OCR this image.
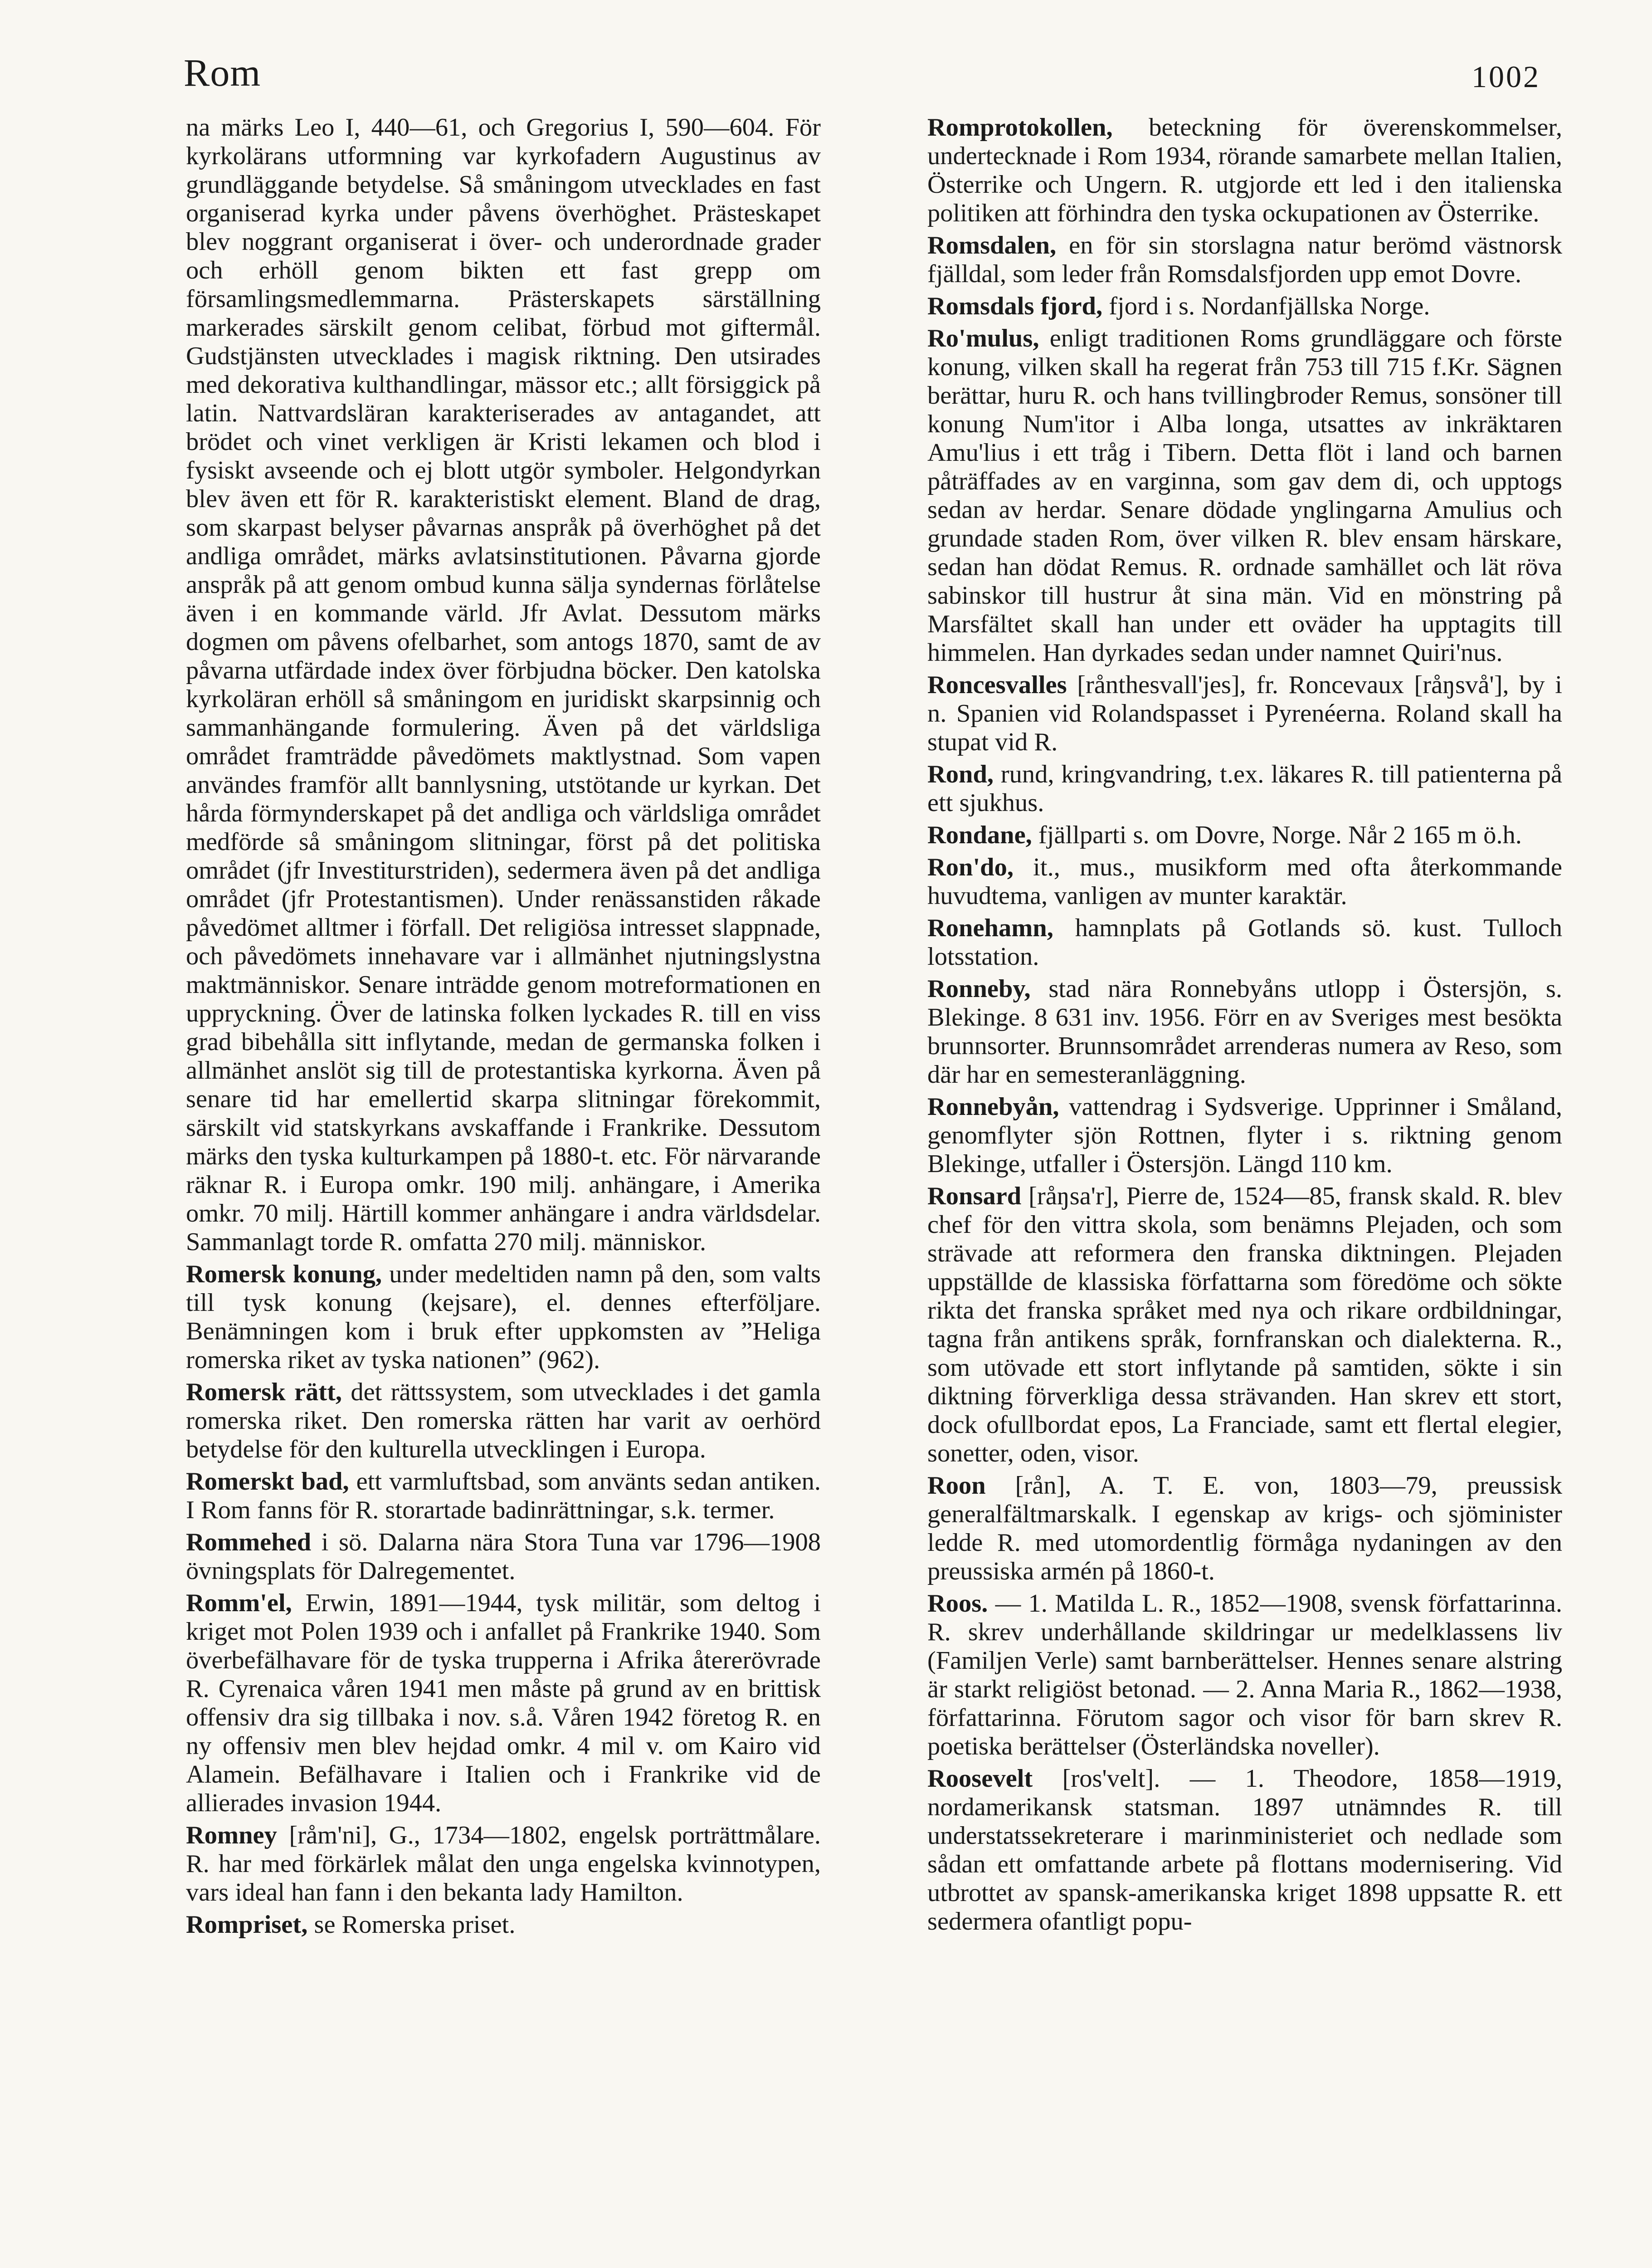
Rom	1002

na märks Leo I, 440—61, och Gregorius I, 590—604. För kyrkolärans utformning var kyrkofadern Augustinus av grundläggande betydelse. Så småningom utvecklades en fast organiserad kyrka under påvens överhöghet. Prästeskapet blev noggrant organiserat i över- och underordnade grader och erhöll genom bikten ett fast grepp om församlingsmedlemmarna. Prästerskapets särställning markerades särskilt genom celibat, förbud mot giftermål. Gudstjänsten utvecklades i magisk riktning. Den utsirades med dekorativa kulthandlingar, mässor etc.; allt försiggick på latin. Nattvardsläran karakteriserades av antagandet, att brödet och vinet verkligen är Kristi lekamen och blod i fysiskt avseende och ej blott utgör symboler. Helgondyrkan blev även ett för R. karakteristiskt element. Bland de drag, som skarpast belyser påvarnas anspråk på överhöghet på det andliga området, märks avlatsinstitutionen. Påvarna gjorde anspråk på att genom ombud kunna sälja syndernas förlåtelse även i en kommande värld. Jfr Avlat. Dessutom märks dogmen om påvens ofelbarhet, som antogs 1870, samt de av påvarna utfärdade index över förbjudna böcker. Den katolska kyrkoläran erhöll så småningom en juridiskt skarpsinnig och sammanhängande formulering. Även på det världsliga området framträdde påvedömets maktlystnad. Som vapen användes framför allt bannlysning, utstötande ur kyrkan. Det hårda förmynderskapet på det andliga och världsliga området medförde så småningom slitningar, först på det politiska området (jfr Investiturstriden), sedermera även på det andliga området (jfr Protestantismen). Under renässanstiden råkade påvedömet alltmer i förfall. Det religiösa intresset slappnade, och påvedömets innehavare var i allmänhet njutningslystna maktmänniskor. Senare inträdde genom motreformationen en uppryckning. Över de latinska folken lyckades R. till en viss grad bibehålla sitt inflytande, medan de germanska folken i allmänhet anslöt sig till de protestantiska kyrkorna. Även på senare tid har emellertid skarpa slitningar förekommit, särskilt vid statskyrkans avskaffande i Frankrike. Dessutom märks den tyska kulturkampen på 1880-t. etc. För närvarande räknar R. i Europa omkr. 190 milj. anhängare, i Amerika omkr. 70 milj. Härtill kommer anhängare i andra världsdelar. Sammanlagt torde R. omfatta 270 milj. människor.

Romersk konung, under medeltiden namn på den, som valts till tysk konung (kejsare), el. dennes efterföljare. Benämningen kom i bruk efter uppkomsten av ”Heliga romerska riket av tyska nationen” (962).

Romersk rätt, det rättssystem, som utvecklades i det gamla romerska riket. Den romerska rätten har varit av oerhörd betydelse för den kulturella utvecklingen i Europa.

Romerskt bad, ett varmluftsbad, som använts sedan antiken. I Rom fanns för R. storartade badinrättningar, s.k. termer.

Rommehed i sö. Dalarna nära Stora Tuna var 1796—1908 övningsplats för Dalregementet.

Romm'el, Erwin, 1891—1944, tysk militär, som deltog i kriget mot Polen 1939 och i anfallet på Frankrike 1940. Som överbefälhavare för de tyska trupperna i Afrika återerövrade R. Cyrenaica våren 1941 men måste på grund av en brittisk offensiv dra sig tillbaka i nov. s.å. Våren 1942 företog R. en ny offensiv men blev hejdad omkr. 4 mil v. om Kairo vid Alamein. Befälhavare i Italien och i Frankrike vid de allierades invasion 1944.

Romney [råm'ni], G., 1734—1802, engelsk porträttmålare. R. har med förkärlek målat den unga engelska kvinnotypen, vars ideal han fann i den bekanta lady Hamilton.

Rompriset, se Romerska priset.

Romprotokollen, beteckning för överenskommelser, undertecknade i Rom 1934, rörande samarbete mellan Italien, Österrike och Ungern. R. utgjorde ett led i den italienska politiken att förhindra den tyska ockupationen av Österrike.

Romsdalen, en för sin storslagna natur berömd västnorsk fjälldal, som leder från Romsdalsfjorden upp emot Dovre.

Romsdals fjord, fjord i s. Nordanfjällska Norge.

Ro'mulus, enligt traditionen Roms grundläggare och förste konung, vilken skall ha regerat från 753 till 715 f.Kr. Sägnen berättar, huru R. och hans tvillingbroder Remus, sonsöner till konung Num'itor i Alba longa, utsattes av inkräktaren Amu'lius i ett tråg i Tibern. Detta flöt i land och barnen påträffades av en varginna, som gav dem di, och upptogs sedan av herdar. Senare dödade ynglingarna Amulius och grundade staden Rom, över vilken R. blev ensam härskare, sedan han dödat Remus. R. ordnade samhället och lät röva sabinskor till hustrur åt sina män. Vid en mönstring på Marsfältet skall han under ett oväder ha upptagits till himmelen. Han dyrkades sedan under namnet Quiri'nus.

Roncesvalles [rånthesvall'jes], fr. Roncevaux [råŋsvå'], by i n. Spanien vid Rolandspasset i Pyrenéerna. Roland skall ha stupat vid R.

Rond, rund, kringvandring, t.ex. läkares R. till patienterna på ett sjukhus.

Rondane, fjällparti s. om Dovre, Norge. Når 2 165 m ö.h.

Ron'do, it., mus., musikform med ofta återkommande huvudtema, vanligen av munter karaktär.

Ronehamn, hamnplats på Gotlands sö. kust. Tulloch lotsstation.

Ronneby, stad nära Ronnebyåns utlopp i Östersjön, s. Blekinge. 8 631 inv. 1956. Förr en av Sveriges mest besökta brunnsorter. Brunnsområdet arrenderas numera av Reso, som där har en semesteranläggning.

Ronnebyån, vattendrag i Sydsverige. Upprinner i Småland, genomflyter sjön Rottnen, flyter i s. riktning genom Blekinge, utfaller i Östersjön. Längd 110 km.

Ronsard [råŋsa'r], Pierre de, 1524—85, fransk skald. R. blev chef för den vittra skola, som benämns Plejaden, och som strävade att reformera den franska diktningen. Plejaden uppställde de klassiska författarna som föredöme och sökte rikta det franska språket med nya och rikare ordbildningar, tagna från antikens språk, fornfranskan och dialekterna. R., som utövade ett stort inflytande på samtiden, sökte i sin diktning förverkliga dessa strävanden. Han skrev ett stort, dock ofullbordat epos, La Franciade, samt ett flertal elegier, sonetter, oden, visor.

Roon [rån], A. T. E. von, 1803—79, preussisk generalfältmarskalk. I egenskap av krigs- och sjöminister ledde R. med utomordentlig förmåga nydaningen av den preussiska armén på 1860-t.

Roos. — 1. Matilda L. R., 1852—1908, svensk författarinna. R. skrev underhållande skildringar ur medelklassens liv (Familjen Verle) samt barnberättelser. Hennes senare alstring är starkt religiöst betonad. — 2. Anna Maria R., 1862—1938, författarinna. Förutom sagor och visor för barn skrev R. poetiska berättelser (Österländska noveller).

Roosevelt [ros'velt]. — 1. Theodore, 1858—1919, nordamerikansk statsman. 1897 utnämndes R. till understatssekreterare i marinministeriet och nedlade som sådan ett omfattande arbete på flottans modernisering. Vid utbrottet av spansk-amerikanska kriget 1898 uppsatte R. ett sedermera ofantligt popu-
